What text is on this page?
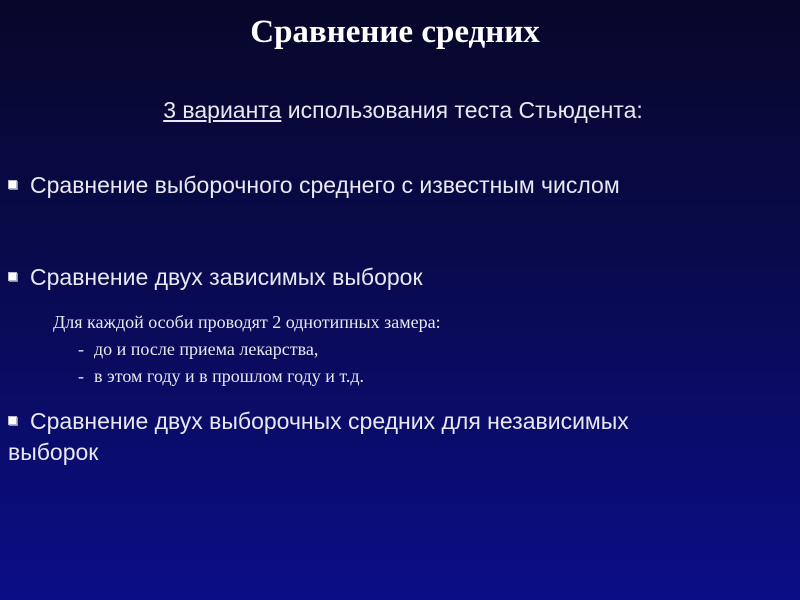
Сравнение средних
3 варианта использования теста Стьюдента:
Сравнение выборочного среднего с известным числом
Сравнение двух зависимых выборок
Для каждой особи проводят 2 однотипных замера:
- до и после приема лекарства,
- в этом году и в прошлом году и т.д.
Сравнение двух выборочных средних для независимых выборок
